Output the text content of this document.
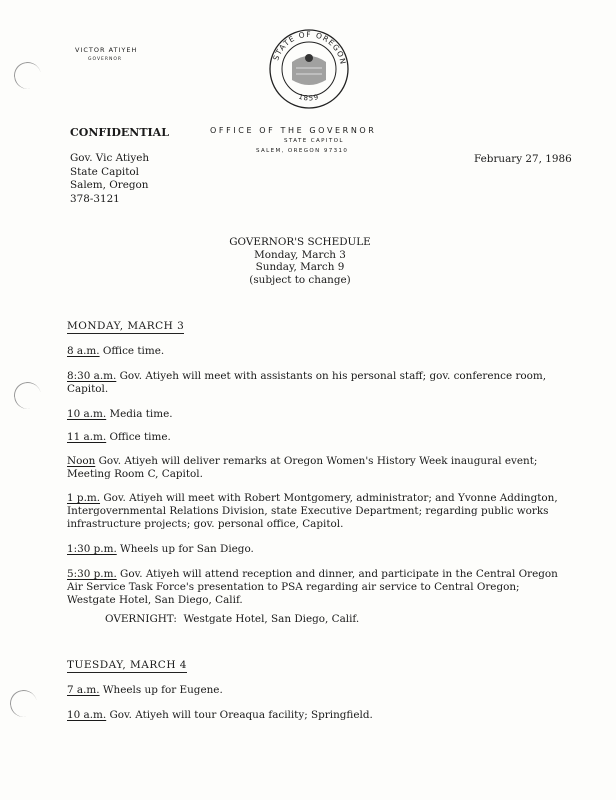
VICTOR ATIYEH
GOVERNOR	STATE OF OREGON
1859
OFFICE OF THE GOVERNOR
STATE CAPITOL
SALEM, OREGON 97310
CONFIDENTIAL
Gov. Vic Atiyeh
State Capitol
Salem, Oregon
378-3121
February 27, 1986
GOVERNOR'S SCHEDULE
Monday, March 3
Sunday, March 9
(subject to change)
MONDAY, MARCH 3
8 a.m. Office time.
8:30 a.m. Gov. Atiyeh will meet with assistants on his personal staff; gov. conference room, Capitol.
10 a.m. Media time.
11 a.m. Office time.
Noon Gov. Atiyeh will deliver remarks at Oregon Women's History Week inaugural event; Meeting Room C, Capitol.
1 p.m. Gov. Atiyeh will meet with Robert Montgomery, administrator; and Yvonne Addington, Intergovernmental Relations Division, state Executive Department; regarding public works infrastructure projects; gov. personal office, Capitol.
1:30 p.m. Wheels up for San Diego.
5:30 p.m. Gov. Atiyeh will attend reception and dinner, and participate in the Central Oregon Air Service Task Force's presentation to PSA regarding air service to Central Oregon; Westgate Hotel, San Diego, Calif.
OVERNIGHT:  Westgate Hotel, San Diego, Calif.
TUESDAY, MARCH 4
7 a.m. Wheels up for Eugene.
10 a.m. Gov. Atiyeh will tour Oreaqua facility; Springfield.
